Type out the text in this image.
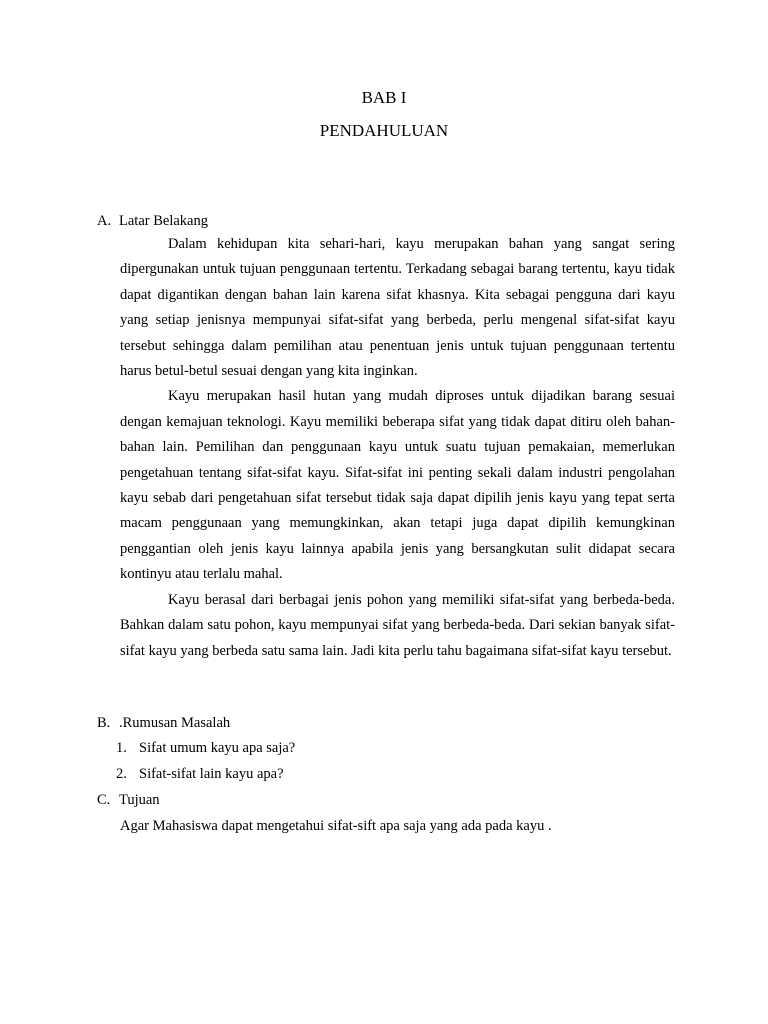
BAB I
PENDAHULUAN
A. Latar Belakang

Dalam kehidupan kita sehari-hari, kayu merupakan bahan yang sangat sering dipergunakan untuk tujuan penggunaan tertentu. Terkadang sebagai barang tertentu, kayu tidak dapat digantikan dengan bahan lain karena sifat khasnya. Kita sebagai pengguna dari kayu yang setiap jenisnya mempunyai sifat-sifat yang berbeda, perlu mengenal sifat-sifat kayu tersebut sehingga dalam pemilihan atau penentuan jenis untuk tujuan penggunaan tertentu harus betul-betul sesuai dengan yang kita inginkan.

Kayu merupakan hasil hutan yang mudah diproses untuk dijadikan barang sesuai dengan kemajuan teknologi. Kayu memiliki beberapa sifat yang tidak dapat ditiru oleh bahan-bahan lain. Pemilihan dan penggunaan kayu untuk suatu tujuan pemakaian, memerlukan pengetahuan tentang sifat-sifat kayu. Sifat-sifat ini penting sekali dalam industri pengolahan kayu sebab dari pengetahuan sifat tersebut tidak saja dapat dipilih jenis kayu yang tepat serta macam penggunaan yang memungkinkan, akan tetapi juga dapat dipilih kemungkinan penggantian oleh jenis kayu lainnya apabila jenis yang bersangkutan sulit didapat secara kontinyu atau terlalu mahal.

Kayu berasal dari berbagai jenis pohon yang memiliki sifat-sifat yang berbeda-beda. Bahkan dalam satu pohon, kayu mempunyai sifat yang berbeda-beda. Dari sekian banyak sifat-sifat kayu yang berbeda satu sama lain. Jadi kita perlu tahu bagaimana sifat-sifat kayu tersebut.

B. .Rumusan Masalah
1. Sifat umum kayu apa saja?
2. Sifat-sifat lain kayu apa?
C. Tujuan
Agar Mahasiswa dapat mengetahui sifat-sift apa saja yang ada pada kayu .
